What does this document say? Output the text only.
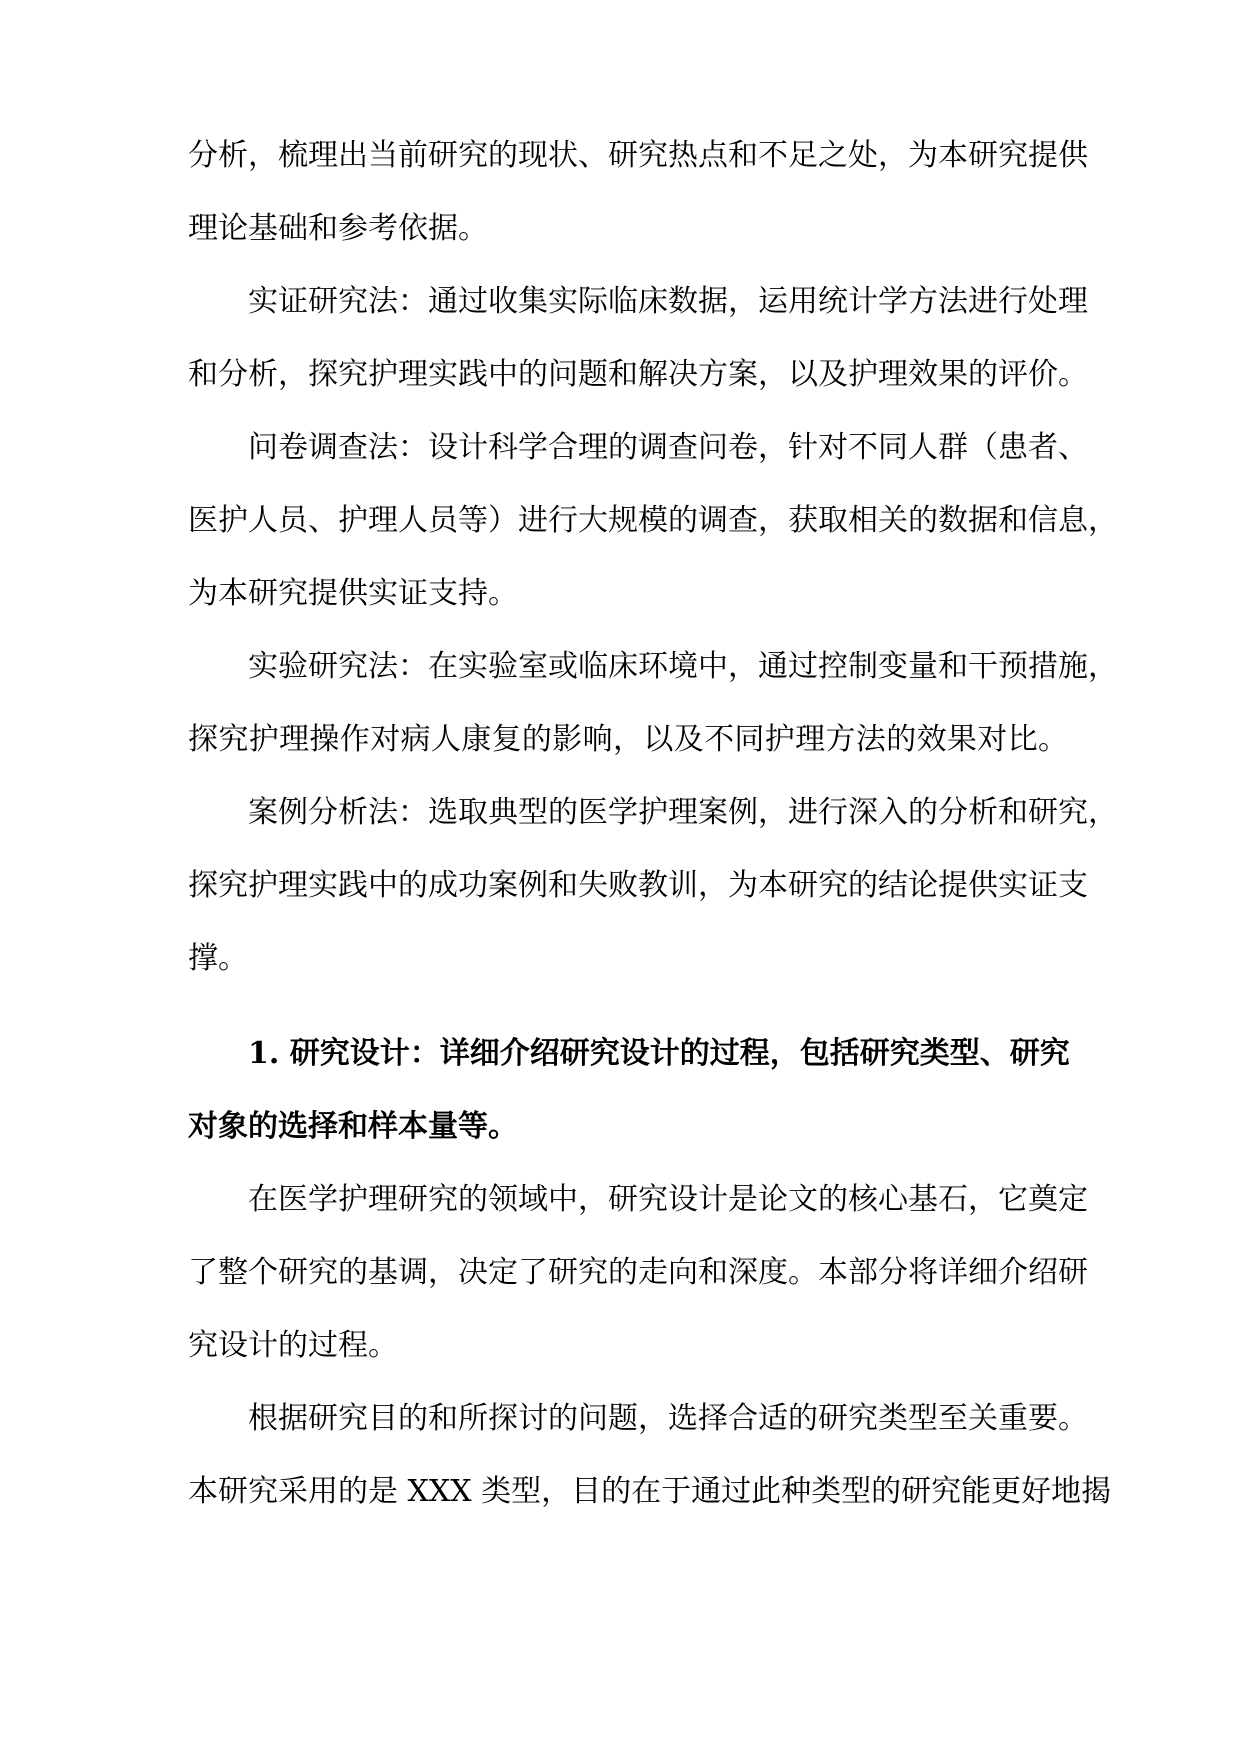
分析，梳理出当前研究的现状、研究热点和不足之处，为本研究提供
理论基础和参考依据。
实证研究法：通过收集实际临床数据，运用统计学方法进行处理
和分析，探究护理实践中的问题和解决方案，以及护理效果的评价。
问卷调查法：设计科学合理的调查问卷，针对不同人群（患者、
医护人员、护理人员等）进行大规模的调查，获取相关的数据和信息，
为本研究提供实证支持。
实验研究法：在实验室或临床环境中，通过控制变量和干预措施，
探究护理操作对病人康复的影响，以及不同护理方法的效果对比。
案例分析法：选取典型的医学护理案例，进行深入的分析和研究，
探究护理实践中的成功案例和失败教训，为本研究的结论提供实证支
撑。
1. 研究设计：详细介绍研究设计的过程，包括研究类型、研究
对象的选择和样本量等。
在医学护理研究的领域中，研究设计是论文的核心基石，它奠定
了整个研究的基调，决定了研究的走向和深度。本部分将详细介绍研
究设计的过程。
根据研究目的和所探讨的问题，选择合适的研究类型至关重要。
本研究采用的是 XXX 类型，目的在于通过此种类型的研究能更好地揭
